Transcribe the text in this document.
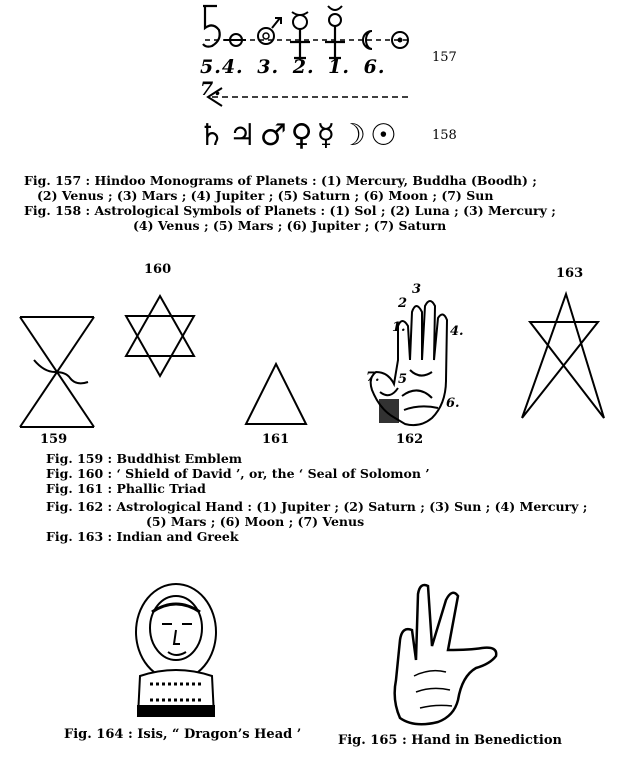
5.4. 3. 2. 1. 6. 7.
157
♄♃♂♀☿☽☉ 158
Fig. 157 : Hindoo Monograms of Planets : (1) Mercury, Buddha (Boodh) ;
(2) Venus ; (3) Mars ; (4) Jupiter ; (5) Saturn ; (6) Moon ; (7) Sun
Fig. 158 : Astrological Symbols of Planets : (1) Sol ; (2) Luna ; (3) Mercury ;
(4) Venus ; (5) Mars ; (6) Jupiter ; (7) Saturn
3
2
1.	4.
5
7.
6.
160	163
159	161	162
Fig. 159 : Buddhist Emblem
Fig. 160 : ‘ Shield of David ’, or, the ‘ Seal of Solomon ’
Fig. 161 : Phallic Triad
Fig. 162 : Astrological Hand : (1) Jupiter ; (2) Saturn ; (3) Sun ; (4) Mercury ;
(5) Mars ; (6) Moon ; (7) Venus
Fig. 163 : Indian and Greek
Fig. 164 : Isis, “ Dragon’s Head ’	Fig. 165 : Hand in Benediction
